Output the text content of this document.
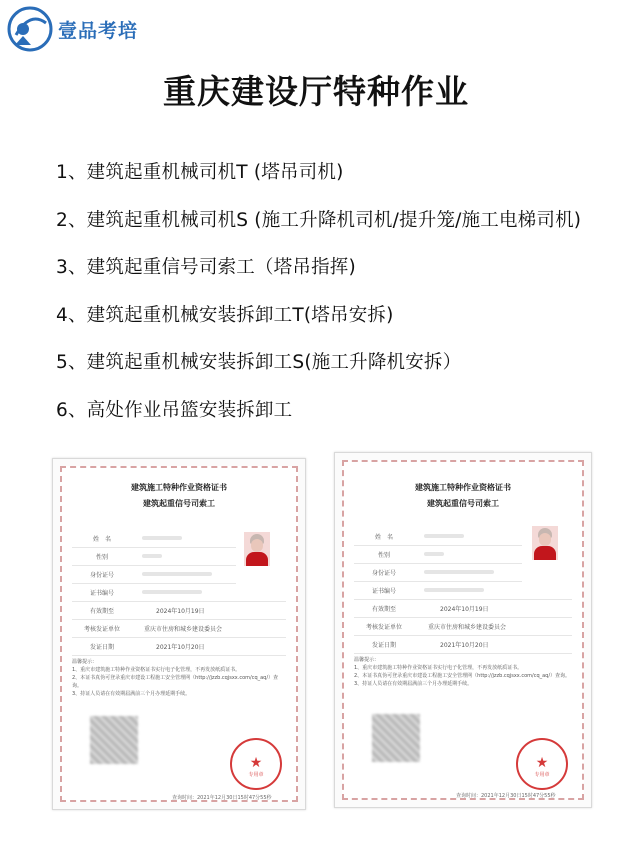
壹品考培
重庆建设厅特种作业
1、建筑起重机械司机T (塔吊司机)
2、建筑起重机械司机S (施工升降机司机/提升笼/施工电梯司机)
3、建筑起重信号司索工（塔吊指挥)
4、建筑起重机械安装拆卸工T(塔吊安拆)
5、建筑起重机械安装拆卸工S(施工升降机安拆）
6、高处作业吊篮安装拆卸工
建筑施工特种作业资格证书
建筑起重信号司索工
姓　名
性别
身份证号
证书编号
有效期至	2024年10月19日
考核发证单位	重庆市住房和城乡建设委员会
发证日期	2021年10月20日
温馨提示：
1、重庆市建筑施工特种作业资格证书实行电子化管理，不再发放纸质证书。
2、本证书真伪可登录重庆市建设工程施工安全管理网（http://jzzb.cqjsxx.com/cq_aq/）查询。
3、持证人员请在有效期届满前三个月办理延期手续。
★
专用章
查询时间：2021年12月30日15时47分55秒
建筑施工特种作业资格证书
建筑起重信号司索工
姓　名
性别
身份证号
证书编号
有效期至	2024年10月19日
考核发证单位	重庆市住房和城乡建设委员会
发证日期	2021年10月20日
温馨提示：
1、重庆市建筑施工特种作业资格证书实行电子化管理，不再发放纸质证书。
2、本证书真伪可登录重庆市建设工程施工安全管理网（http://jzzb.cqjsxx.com/cq_aq/）查询。
3、持证人员请在有效期届满前三个月办理延期手续。
★
专用章
查询时间：2021年12月30日15时47分55秒
